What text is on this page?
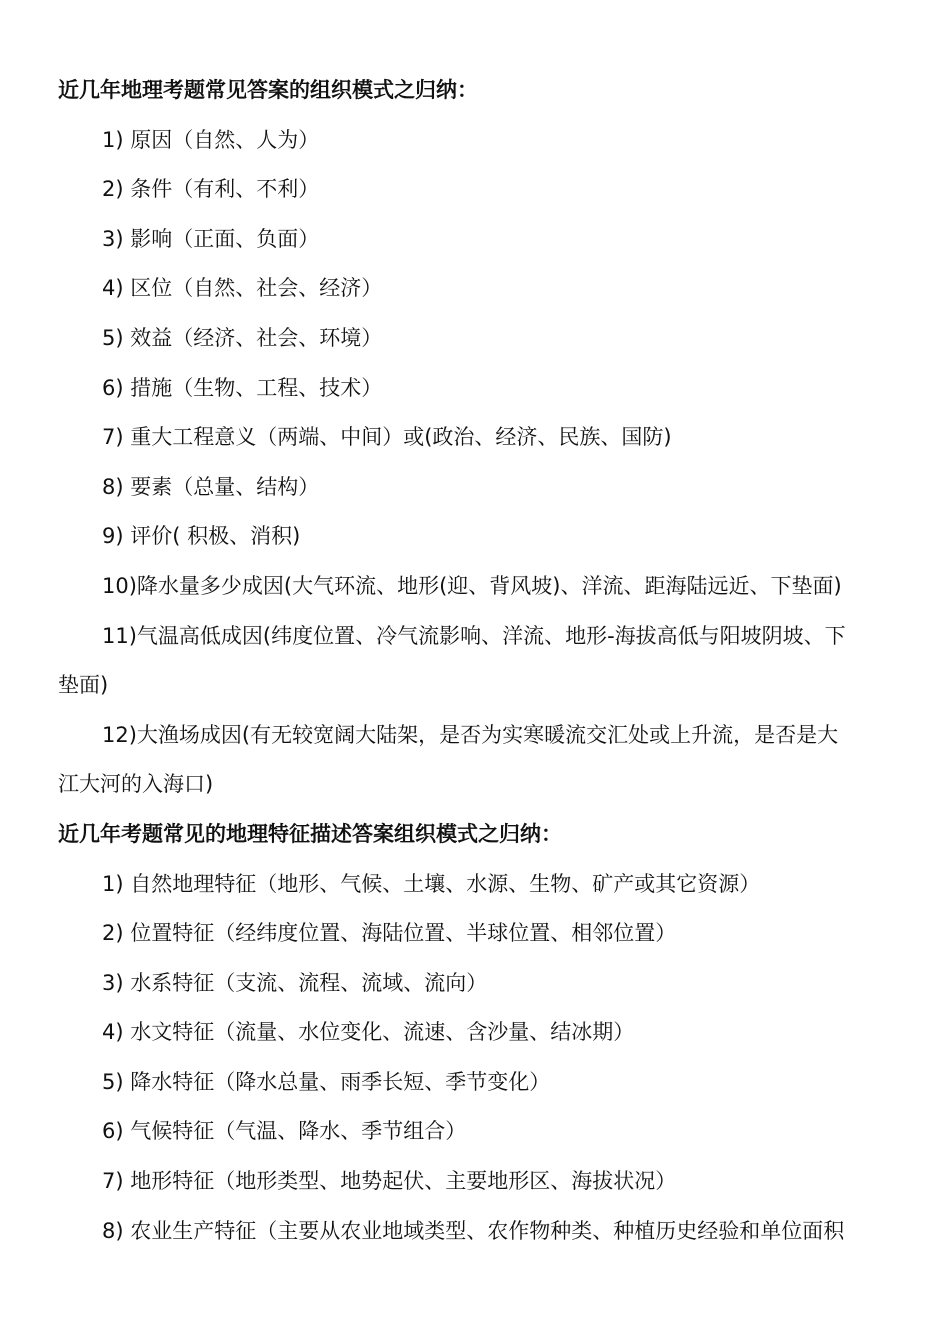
近几年地理考题常见答案的组织模式之归纳：
1) 原因（自然、人为）
2) 条件（有利、不利）
3) 影响（正面、负面）
4) 区位（自然、社会、经济）
5) 效益（经济、社会、环境）
6) 措施（生物、工程、技术）
7) 重大工程意义（两端、中间）或(政治、经济、民族、国防)
8) 要素（总量、结构）
9) 评价( 积极、消积)
10)降水量多少成因(大气环流、地形(迎、背风坡)、洋流、距海陆远近、下垫面)
11)气温高低成因(纬度位置、冷气流影响、洋流、地形-海拔高低与阳坡阴坡、下
垫面)
12)大渔场成因(有无较宽阔大陆架，是否为实寒暖流交汇处或上升流，是否是大
江大河的入海口)
近几年考题常见的地理特征描述答案组织模式之归纳：
1) 自然地理特征（地形、气候、土壤、水源、生物、矿产或其它资源）
2) 位置特征（经纬度位置、海陆位置、半球位置、相邻位置）
3) 水系特征（支流、流程、流域、流向）
4) 水文特征（流量、水位变化、流速、含沙量、结冰期）
5) 降水特征（降水总量、雨季长短、季节变化）
6) 气候特征（气温、降水、季节组合）
7) 地形特征（地形类型、地势起伏、主要地形区、海拔状况）
8) 农业生产特征（主要从农业地域类型、农作物种类、种植历史经验和单位面积
